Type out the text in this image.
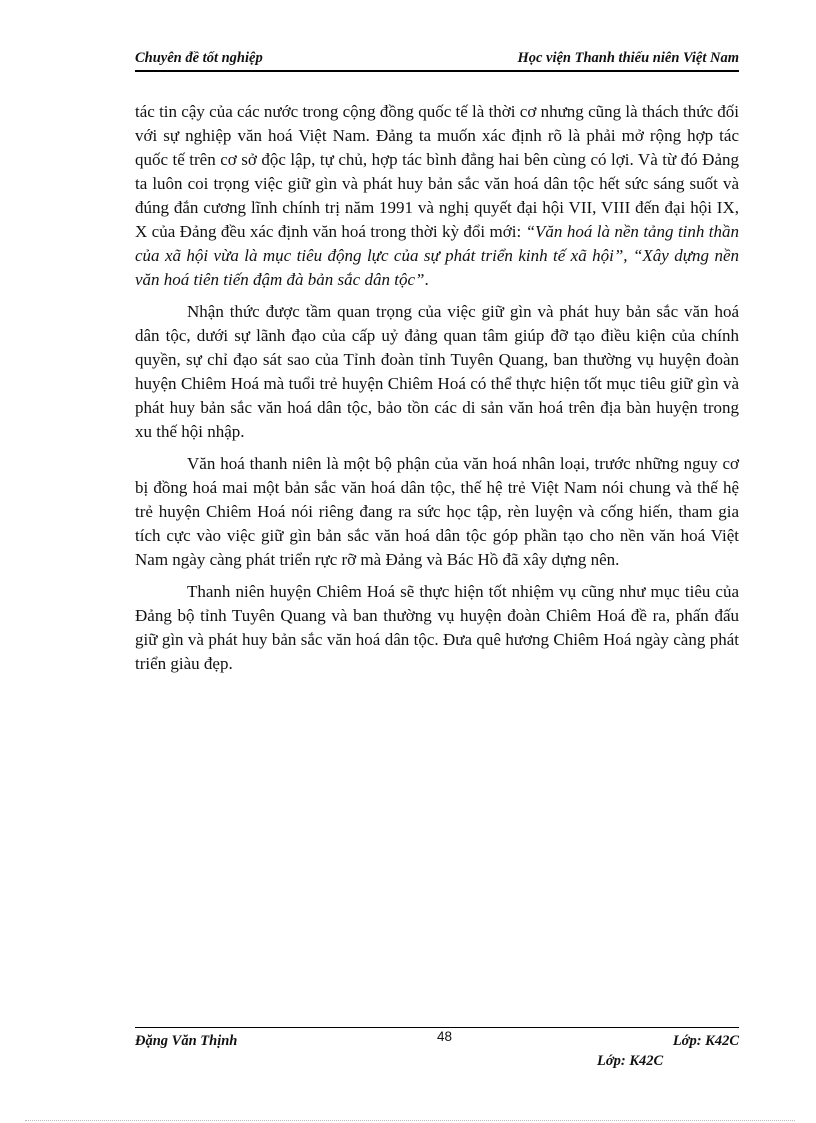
Chuyên đề tốt nghiệp	Học viện Thanh thiếu niên Việt Nam

tác tin cậy của các nước trong cộng đồng quốc tế là thời cơ nhưng cũng là thách thức đối với sự nghiệp văn hoá Việt Nam. Đảng ta muốn xác định rõ là phải mở rộng hợp tác quốc tế trên cơ sở độc lập, tự chủ, hợp tác bình đẳng hai bên cùng có lợi. Và từ đó Đảng ta luôn coi trọng việc giữ gìn và phát huy bản sắc văn hoá dân tộc hết sức sáng suốt và đúng đắn cương lĩnh chính trị năm 1991 và nghị quyết đại hội VII, VIII đến đại hội IX, X của Đảng đều xác định văn hoá trong thời kỳ đổi mới: “Văn hoá là nền tảng tinh thần của xã hội vừa là mục tiêu động lực của sự phát triển kinh tế xã hội”, “Xây dựng nền văn hoá tiên tiến đậm đà bản sắc dân tộc”.

Nhận thức được tầm quan trọng của việc giữ gìn và phát huy bản sắc văn hoá dân tộc, dưới sự lãnh đạo của cấp uỷ đảng quan tâm giúp đỡ tạo điều kiện của chính quyền, sự chỉ đạo sát sao của Tỉnh đoàn tỉnh Tuyên Quang, ban thường vụ huyện đoàn huyện Chiêm Hoá mà tuổi trẻ huyện Chiêm Hoá có thể thực hiện tốt mục tiêu giữ gìn và phát huy bản sắc văn hoá dân tộc, bảo tồn các di sản văn hoá trên địa bàn huyện trong xu thế hội nhập.

Văn hoá thanh niên là một bộ phận của văn hoá nhân loại, trước những nguy cơ bị đồng hoá mai một bản sắc văn hoá dân tộc, thế hệ trẻ Việt Nam nói chung và thế hệ trẻ huyện Chiêm Hoá nói riêng đang ra sức học tập, rèn luyện và cống hiến, tham gia tích cực vào việc giữ gìn bản sắc văn hoá dân tộc góp phần tạo cho nền văn hoá Việt Nam ngày càng phát triển rực rỡ mà Đảng và Bác Hồ đã xây dựng nên.

Thanh niên huyện Chiêm Hoá sẽ thực hiện tốt nhiệm vụ cũng như mục tiêu của Đảng bộ tỉnh Tuyên Quang và ban thường vụ huyện đoàn Chiêm Hoá đề ra, phấn đấu giữ gìn và phát huy bản sắc văn hoá dân tộc. Đưa quê hương Chiêm Hoá ngày càng phát triển giàu đẹp.

Đặng Văn Thịnh	48	Lớp: K42C
Lớp: K42C
